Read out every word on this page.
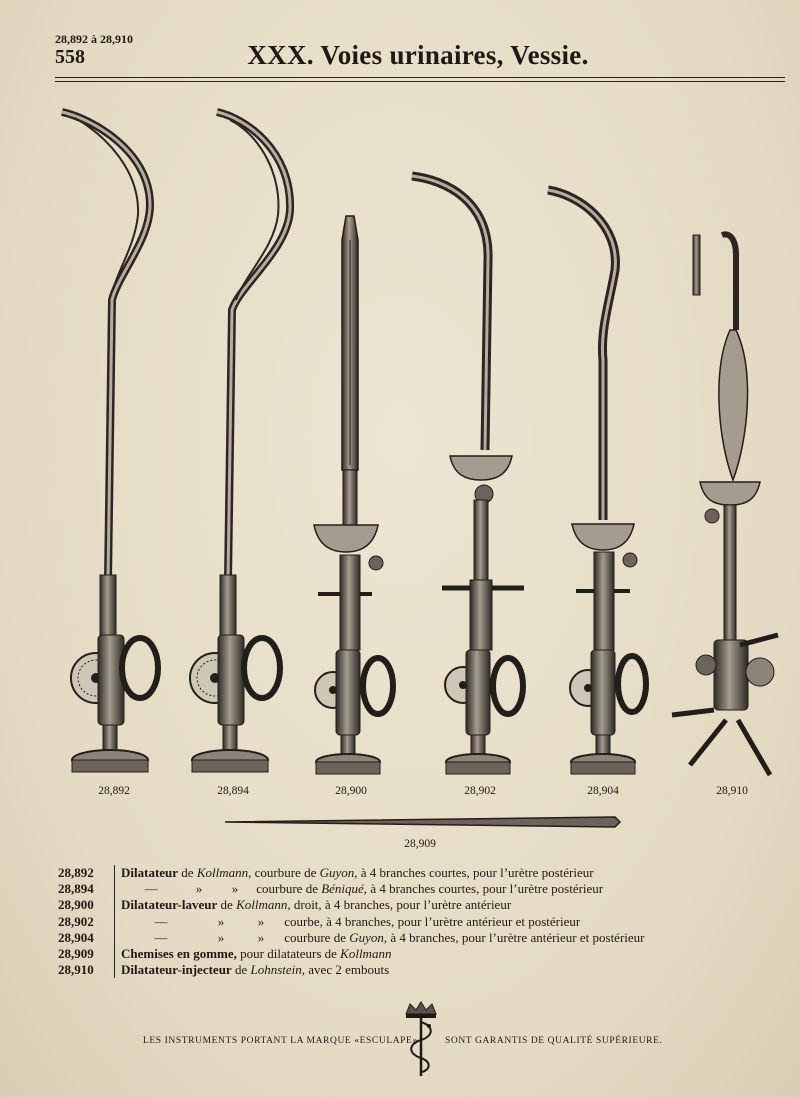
28,892 à 28,910
558	XXX. Voies urinaires, Vessie.
28,892	28,894	28,900	28,902	28,904	28,910
28,909
28,892	Dilatateur de Kollmann, courbure de Guyon, à 4 branches courtes, pour l’urètre postérieur
28,894	—	» » courbure de Béniqué, à 4 branches courtes, pour l’urètre postérieur
28,900	Dilatateur-laveur de Kollmann, droit, à 4 branches, pour l’urètre antérieur
28,902	—	»	» courbe, à 4 branches, pour l’urètre antérieur et postérieur
28,904	—	»	» courbure de Guyon, à 4 branches, pour l’urètre antérieur et postérieur
28,909	Chemises en gomme, pour dilatateurs de Kollmann
28,910	Dilatateur-injecteur de Lohnstein, avec 2 embouts
LES INSTRUMENTS PORTANT LA MARQUE «ESCULAPE»	SONT GARANTIS DE QUALITÉ SUPÉRIEURE.
